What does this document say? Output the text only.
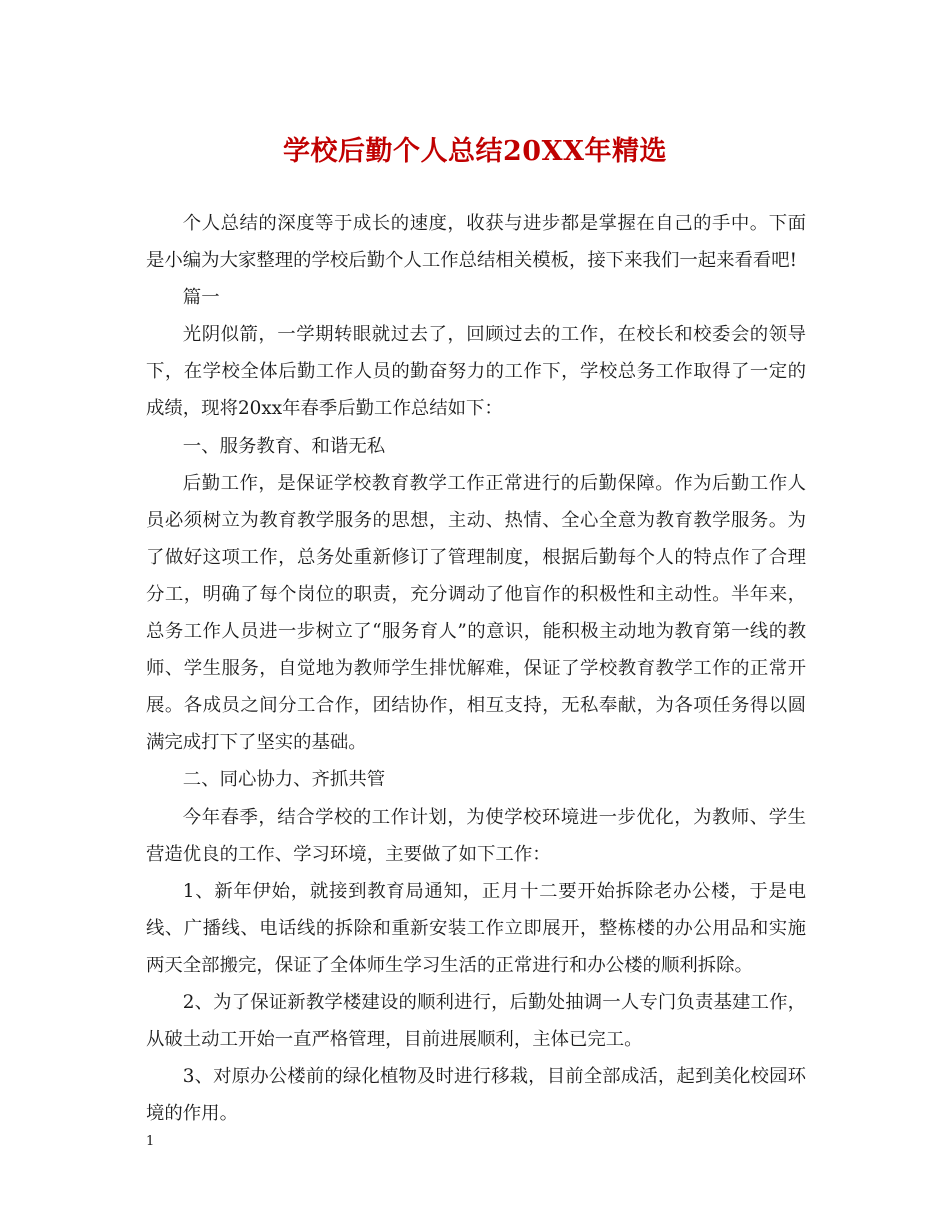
学校后勤个人总结20XX年精选

个人总结的深度等于成长的速度，收获与进步都是掌握在自己的手中。下面是小编为大家整理的学校后勤个人工作总结相关模板，接下来我们一起来看看吧!

篇一

光阴似箭，一学期转眼就过去了，回顾过去的工作，在校长和校委会的领导下，在学校全体后勤工作人员的勤奋努力的工作下，学校总务工作取得了一定的成绩，现将20xx年春季后勤工作总结如下：

一、服务教育、和谐无私

后勤工作，是保证学校教育教学工作正常进行的后勤保障。作为后勤工作人员必须树立为教育教学服务的思想，主动、热情、全心全意为教育教学服务。为了做好这项工作，总务处重新修订了管理制度，根据后勤每个人的特点作了合理分工，明确了每个岗位的职责，充分调动了他盲作的积极性和主动性。半年来，总务工作人员进一步树立了“服务育人”的意识，能积极主动地为教育第一线的教师、学生服务，自觉地为教师学生排忧解难，保证了学校教育教学工作的正常开展。各成员之间分工合作，团结协作，相互支持，无私奉献，为各项任务得以圆满完成打下了坚实的基础。

二、同心协力、齐抓共管

今年春季，结合学校的工作计划，为使学校环境进一步优化，为教师、学生营造优良的工作、学习环境，主要做了如下工作：

1、新年伊始，就接到教育局通知，正月十二要开始拆除老办公楼，于是电线、广播线、电话线的拆除和重新安装工作立即展开，整栋楼的办公用品和实施两天全部搬完，保证了全体师生学习生活的正常进行和办公楼的顺利拆除。

2、为了保证新教学楼建设的顺利进行，后勤处抽调一人专门负责基建工作，从破土动工开始一直严格管理，目前进展顺利，主体已完工。

3、对原办公楼前的绿化植物及时进行移栽，目前全部成活，起到美化校园环境的作用。

1
